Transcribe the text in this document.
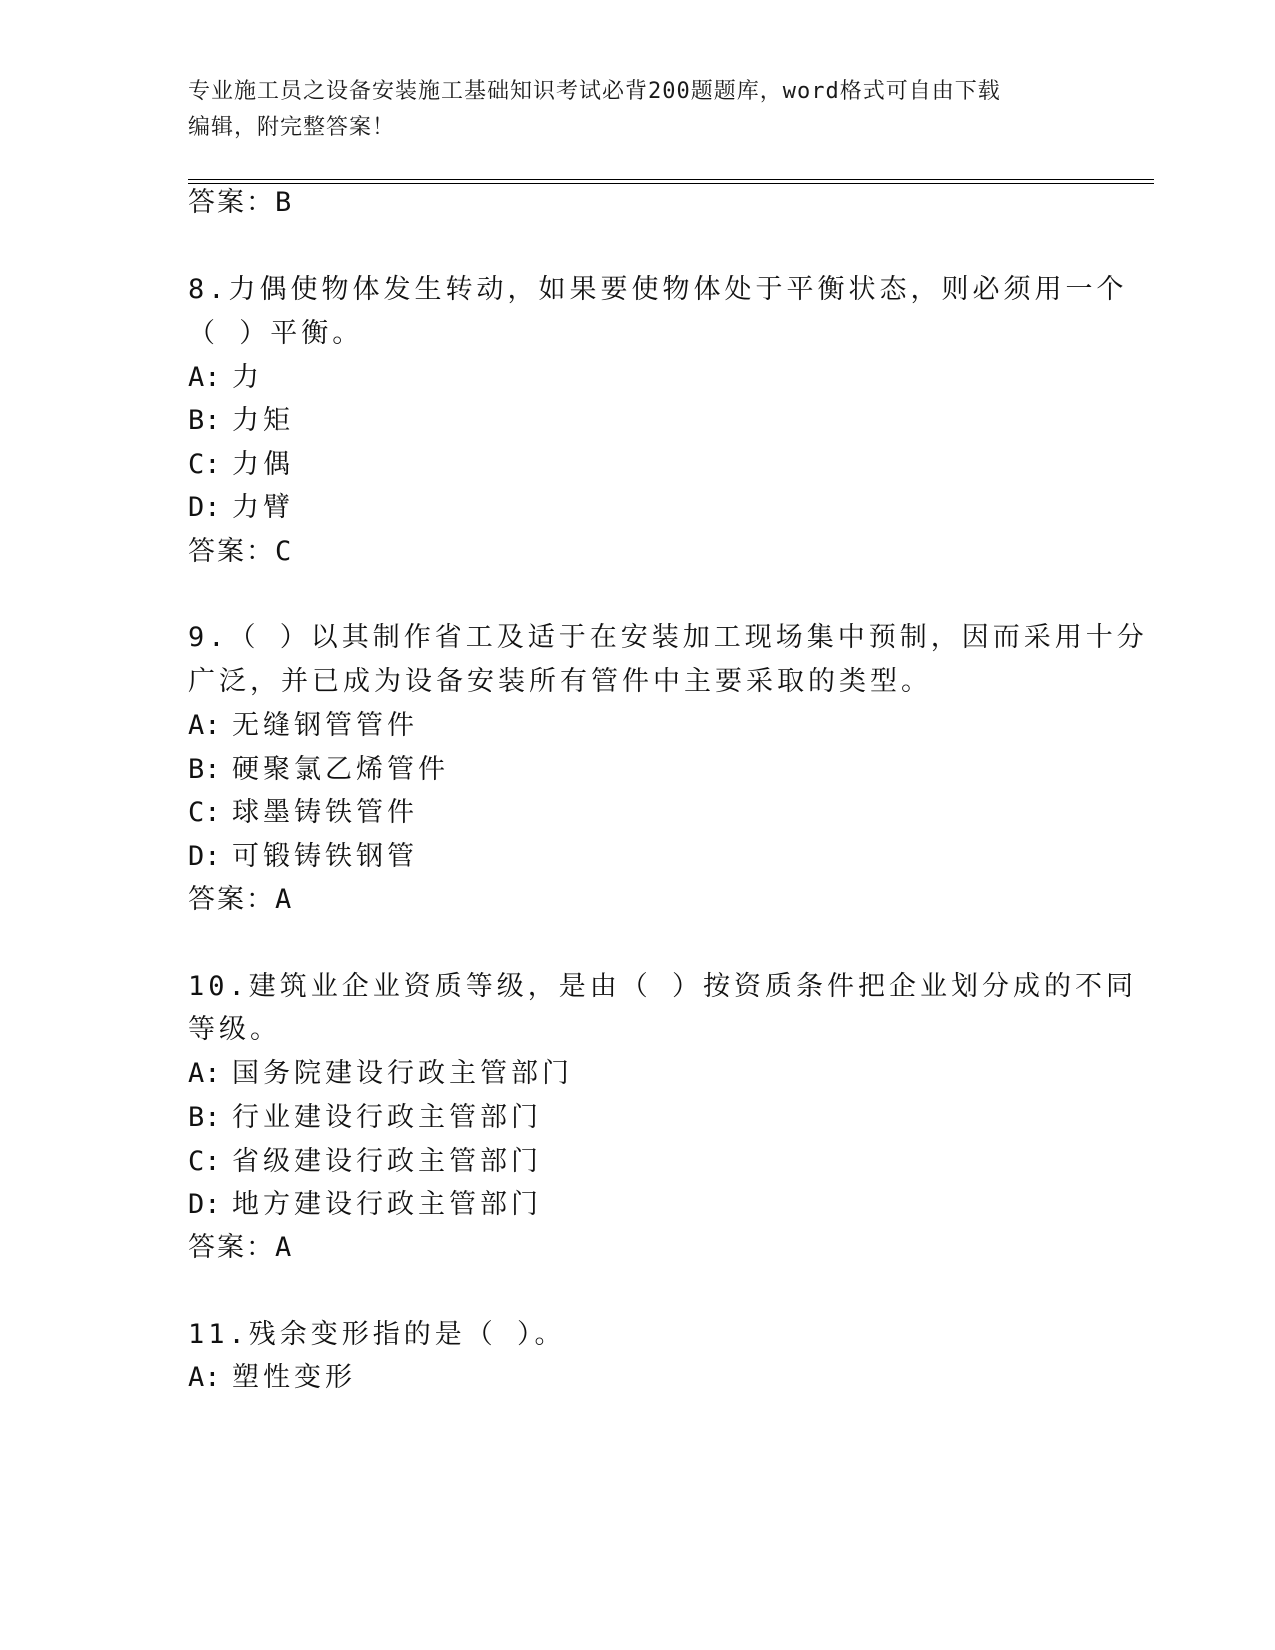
专业施工员之设备安装施工基础知识考试必背200题题库，word格式可自由下载
编辑，附完整答案！
答案：B
8.力偶使物体发生转动，如果要使物体处于平衡状态，则必须用一个
（ ）平衡。
A: 力
B: 力矩
C: 力偶
D: 力臂
答案：C
9.（ ）以其制作省工及适于在安装加工现场集中预制，因而采用十分
广泛，并已成为设备安装所有管件中主要采取的类型。
A: 无缝钢管管件
B: 硬聚氯乙烯管件
C: 球墨铸铁管件
D: 可锻铸铁钢管
答案：A
10.建筑业企业资质等级，是由（ ）按资质条件把企业划分成的不同
等级。
A: 国务院建设行政主管部门
B: 行业建设行政主管部门
C: 省级建设行政主管部门
D: 地方建设行政主管部门
答案：A
11.残余变形指的是（ ）。
A: 塑性变形
